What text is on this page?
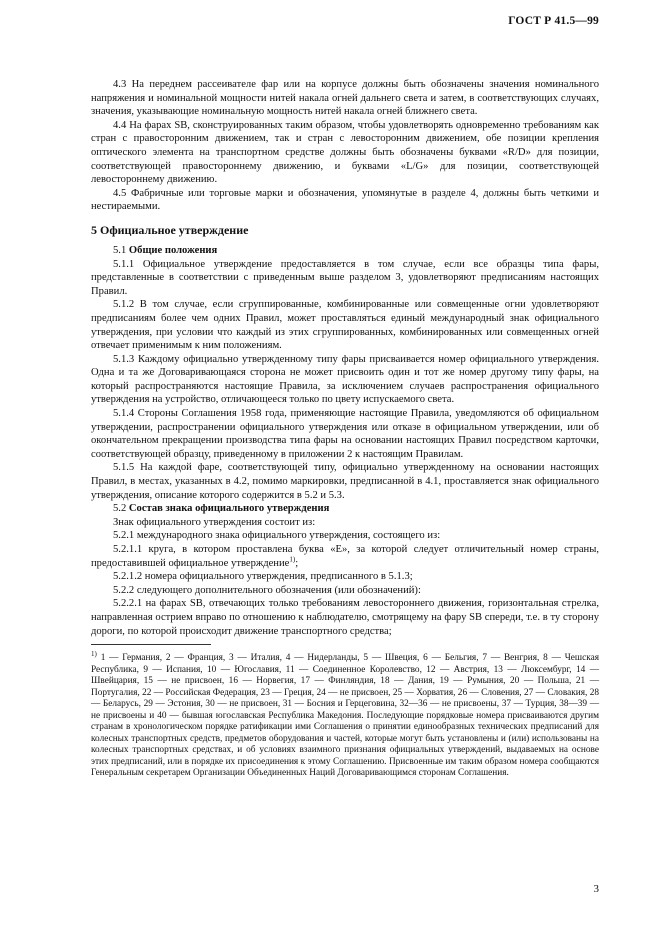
ГОСТ Р 41.5—99

4.3 На переднем рассеивателе фар или на корпусе должны быть обозначены значения номинального напряжения и номинальной мощности нитей накала огней дальнего света и затем, в соответствующих случаях, значения, указывающие номинальную мощность нитей накала огней ближнего света.

4.4 На фарах SB, сконструированных таким образом, чтобы удовлетворять одновременно требованиям как стран с правосторонним движением, так и стран с левосторонним движением, обе позиции крепления оптического элемента на транспортном средстве должны быть обозначены буквами «R/D» для позиции, соответствующей правостороннему движению, и буквами «L/G» для позиции, соответствующей левостороннему движению.

4.5 Фабричные или торговые марки и обозначения, упомянутые в разделе 4, должны быть четкими и нестираемыми.

5 Официальное утверждение

5.1 Общие положения

5.1.1 Официальное утверждение предоставляется в том случае, если все образцы типа фары, представленные в соответствии с приведенным выше разделом 3, удовлетворяют предписаниям настоящих Правил.

5.1.2 В том случае, если сгруппированные, комбинированные или совмещенные огни удовлетворяют предписаниям более чем одних Правил, может проставляться единый международный знак официального утверждения, при условии что каждый из этих сгруппированных, комбинированных или совмещенных огней отвечает применимым к ним положениям.

5.1.3 Каждому официально утвержденному типу фары присваивается номер официального утверждения. Одна и та же Договаривающаяся сторона не может присвоить один и тот же номер другому типу фары, на который распространяются настоящие Правила, за исключением случаев распространения официального утверждения на устройство, отличающееся только по цвету испускаемого света.

5.1.4 Стороны Соглашения 1958 года, применяющие настоящие Правила, уведомляются об официальном утверждении, распространении официального утверждения или отказе в официальном утверждении, или об окончательном прекращении производства типа фары на основании настоящих Правил посредством карточки, соответствующей образцу, приведенному в приложении 2 к настоящим Правилам.

5.1.5 На каждой фаре, соответствующей типу, официально утвержденному на основании настоящих Правил, в местах, указанных в 4.2, помимо маркировки, предписанной в 4.1, проставляется знак официального утверждения, описание которого содержится в 5.2 и 5.3.

5.2 Состав знака официального утверждения

Знак официального утверждения состоит из:

5.2.1 международного знака официального утверждения, состоящего из:

5.2.1.1 круга, в котором проставлена буква «Е», за которой следует отличительный номер страны, предоставившей официальное утверждение$^{1)}$;

5.2.1.2 номера официального утверждения, предписанного в 5.1.3;

5.2.2 следующего дополнительного обозначения (или обозначений):

5.2.2.1 на фарах SB, отвечающих только требованиям левостороннего движения, горизонтальная стрелка, направленная острием вправо по отношению к наблюдателю, смотрящему на фару SB спереди, т.е. в ту сторону дороги, по которой происходит движение транспортного средства;

$^{1)}$ 1 — Германия, 2 — Франция, 3 — Италия, 4 — Нидерланды, 5 — Швеция, 6 — Бельгия, 7 — Венгрия, 8 — Чешская Республика, 9 — Испания, 10 — Югославия, 11 — Соединенное Королевство, 12 — Австрия, 13 — Люксембург, 14 — Швейцария, 15 — не присвоен, 16 — Норвегия, 17 — Финляндия, 18 — Дания, 19 — Румыния, 20 — Польша, 21 — Португалия, 22 — Российская Федерация, 23 — Греция, 24 — не присвоен, 25 — Хорватия, 26 — Словения, 27 — Словакия, 28 — Беларусь, 29 — Эстония, 30 — не присвоен, 31 — Босния и Герцеговина, 32—36 — не присвоены, 37 — Турция, 38—39 — не присвоены и 40 — бывшая югославская Республика Македония. Последующие порядковые номера присваиваются другим странам в хронологическом порядке ратификации ими Соглашения о принятии единообразных технических предписаний для колесных транспортных средств, предметов оборудования и частей, которые могут быть установлены и (или) использованы на колесных транспортных средствах, и об условиях взаимного признания официальных утверждений, выдаваемых на основе этих предписаний, или в порядке их присоединения к этому Соглашению. Присвоенные им таким образом номера сообщаются Генеральным секретарем Организации Объединенных Наций Договаривающимся сторонам Соглашения.
3
